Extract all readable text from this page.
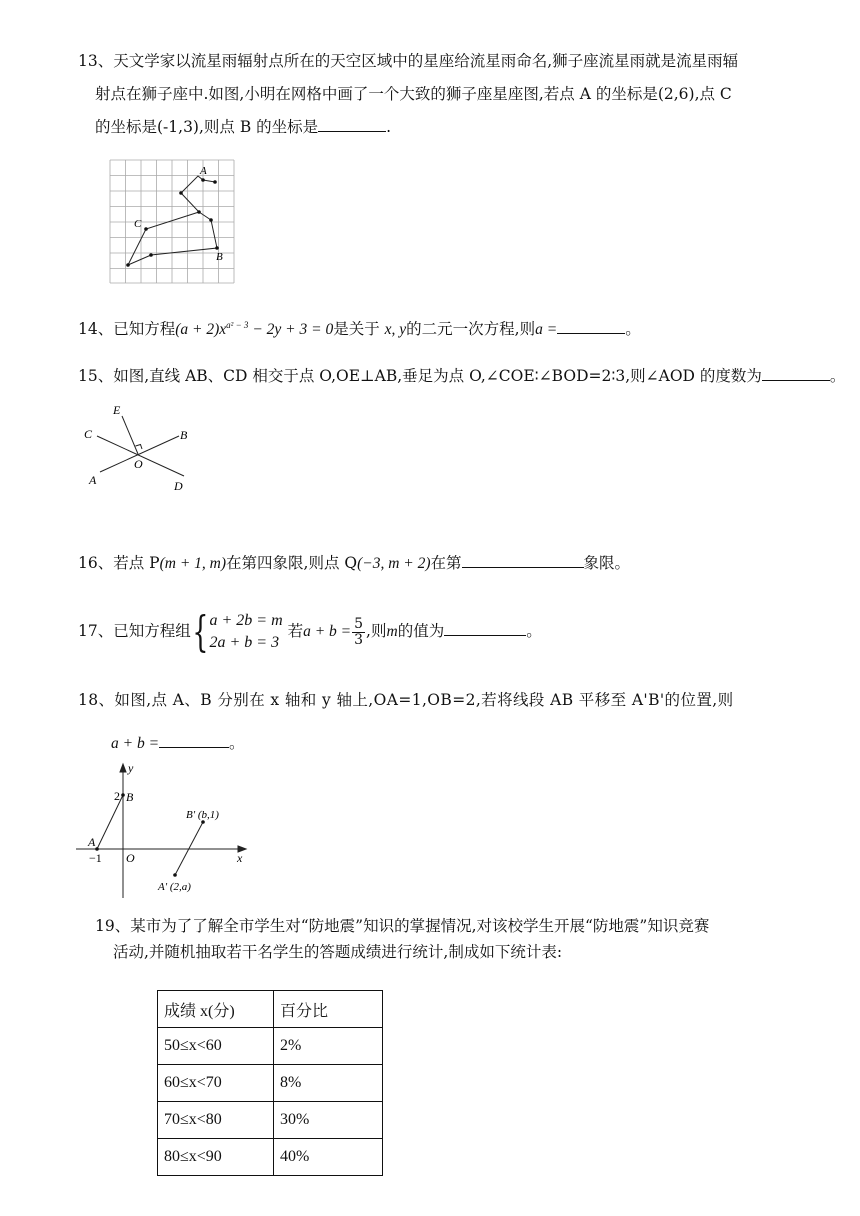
13、天文学家以流星雨辐射点所在的天空区域中的星座给流星雨命名,狮子座流星雨就是流星雨辐
射点在狮子座中.如图,小明在网格中画了一个大致的狮子座星座图,若点 A 的坐标是(2,6),点 C
的坐标是(-1,3),则点 B 的坐标是	.
A
C
B
14、已知方程$(a + 2)x^{a^2 - 3} - 2y + 3 = 0$是关于 x, y的二元一次方程,则a =	。
15、如图,直线 AB、CD 相交于点 O,OE⊥AB,垂足为点 O,∠COE∶∠BOD=2∶3,则∠AOD 的度数为	。
E
C	B
O
A	D
16、若点 P(m + 1, m)在第四象限,则点 Q(−3, m + 2)在第	象限。
17、已知方程组{ a + 2b = m
2a + b = 3
若$a + b = \frac{5}{3}$ ,则m的值为	。
18、如图,点 A、B 分别在 x 轴和 y 轴上,OA=1,OB=2,若将线段 AB 平移至 A'B'的位置,则
a + b =	。
y
x
2 B
A
−1 O
B′ (b,1)
A′ (2,a)
19、某市为了了解全市学生对“防地震”知识的掌握情况,对该校学生开展“防地震”知识竞赛
活动,并随机抽取若干名学生的答题成绩进行统计,制成如下统计表:
成绩 x(分)	百分比
50≤x<60	2%
60≤x<70	8%
70≤x<80	30%
80≤x<90	40%
